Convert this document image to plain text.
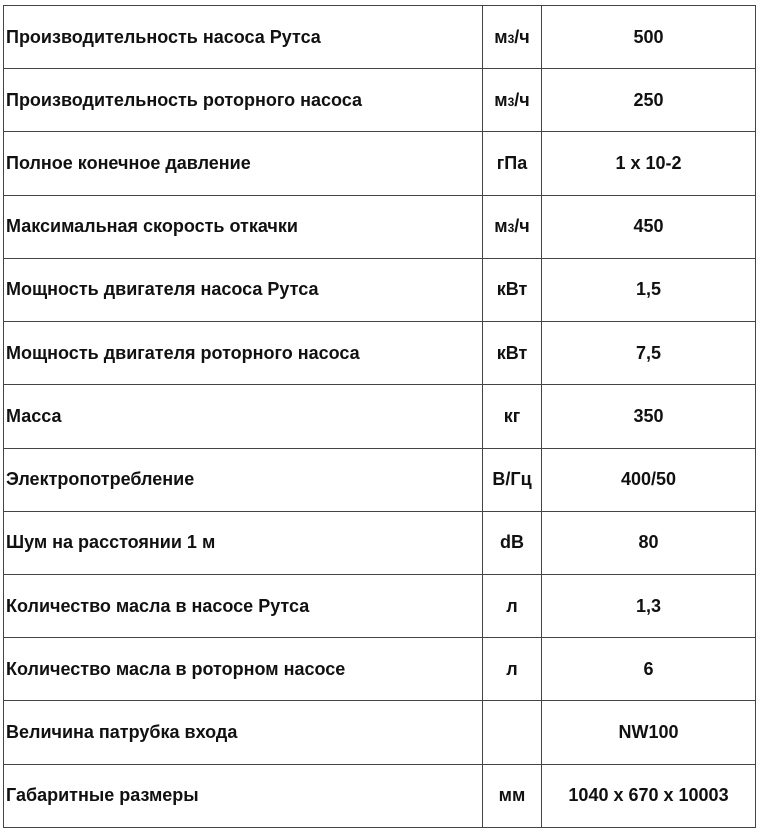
Производительность насоса Рутса	м3/ч	500
Производительность роторного насоса	м3/ч	250
Полное конечное давление	гПа	1 х 10-2
Максимальная скорость откачки	м3/ч	450
Мощность двигателя насоса Рутса	кВт	1,5
Мощность двигателя роторного насоса	кВт	7,5
Масса	кг	350
Электропотребление	В/Гц	400/50
Шум на расстоянии 1 м	dB	80
Количество масла в насосе Рутса	л	1,3
Количество масла в роторном насосе	л	6
Величина патрубка входа		NW100
Габаритные размеры	мм	1040 х 670 х 10003
